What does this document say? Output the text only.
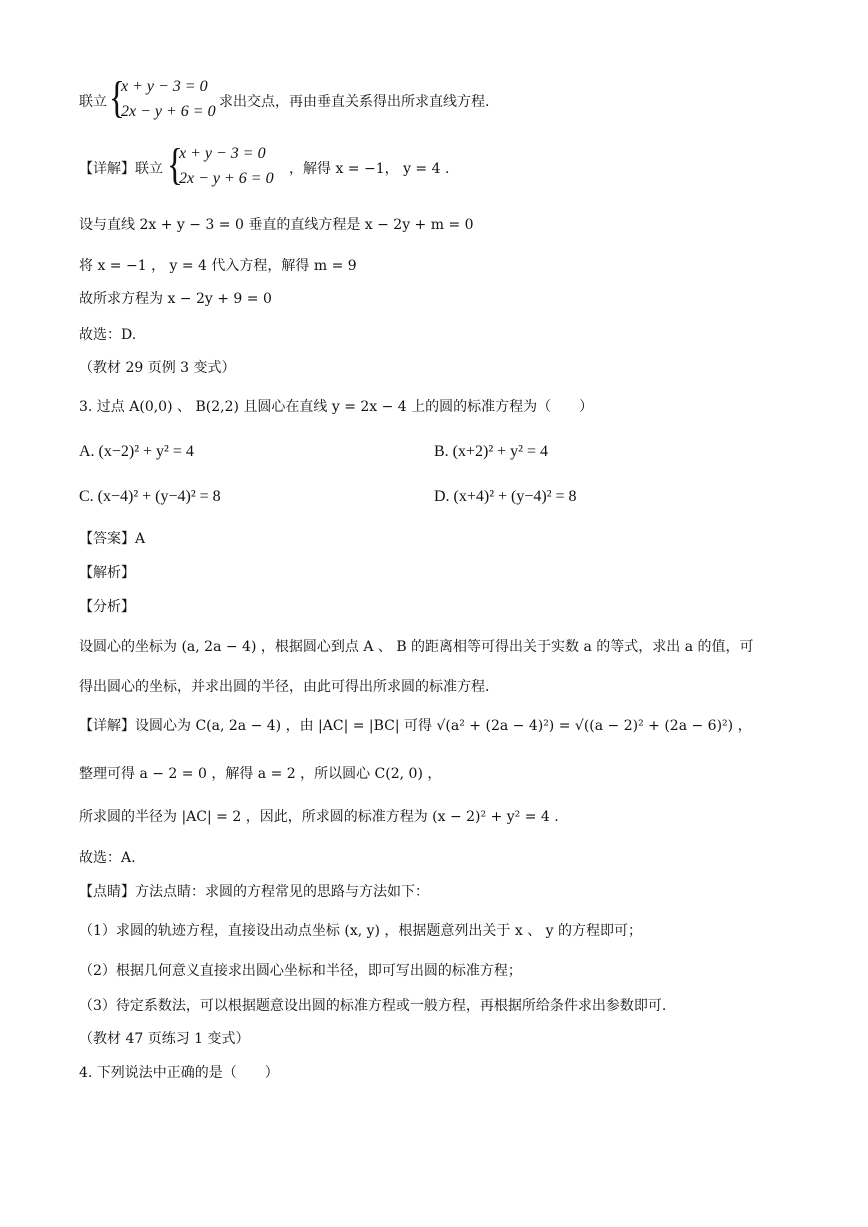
联立 {
x + y − 3 = 0
2x − y + 6 = 0
求出交点，再由垂直关系得出所求直线方程.
【详解】联立 {
x + y − 3 = 0
2x − y + 6 = 0
，解得 x = −1， y = 4 .
设与直线 2x + y − 3 = 0 垂直的直线方程是 x − 2y + m = 0
将 x = −1 ， y = 4 代入方程，解得 m = 9
故所求方程为 x − 2y + 9 = 0
故选：D.
（教材 29 页例 3 变式）
3. 过点 A(0,0) 、 B(2,2) 且圆心在直线 y = 2x − 4 上的圆的标准方程为（　　）
A. (x−2)² + y² = 4	B. (x+2)² + y² = 4
C. (x−4)² + (y−4)² = 8	D. (x+4)² + (y−4)² = 8
【答案】A
【解析】
【分析】
设圆心的坐标为 (a, 2a − 4) ，根据圆心到点 A 、 B 的距离相等可得出关于实数 a 的等式，求出 a 的值，可
得出圆心的坐标，并求出圆的半径，由此可得出所求圆的标准方程.
【详解】设圆心为 C(a, 2a − 4) ，由 |AC| = |BC| 可得 √(a² + (2a − 4)²) = √((a − 2)² + (2a − 6)²) ，
整理可得 a − 2 = 0 ，解得 a = 2 ，所以圆心 C(2, 0) ，
所求圆的半径为 |AC| = 2 ，因此，所求圆的标准方程为 (x − 2)² + y² = 4 .
故选：A.
【点睛】方法点睛：求圆的方程常见的思路与方法如下：
（1）求圆的轨迹方程，直接设出动点坐标 (x, y) ，根据题意列出关于 x 、 y 的方程即可；
（2）根据几何意义直接求出圆心坐标和半径，即可写出圆的标准方程；
（3）待定系数法，可以根据题意设出圆的标准方程或一般方程，再根据所给条件求出参数即可.
（教材 47 页练习 1 变式）
4. 下列说法中正确的是（　　）
